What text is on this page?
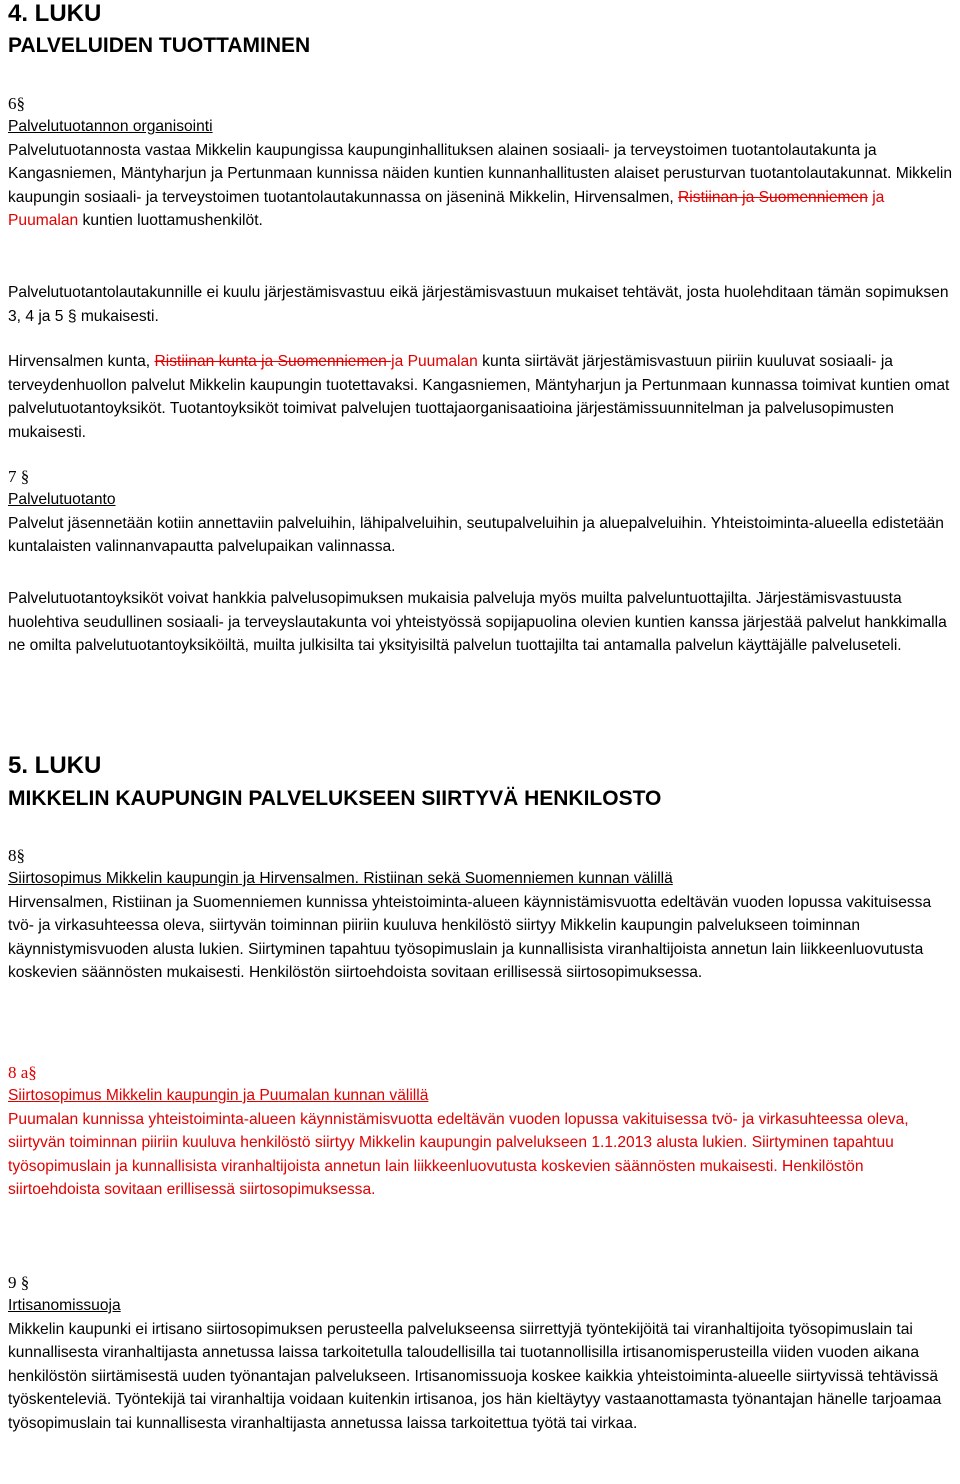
4. LUKU
PALVELUIDEN TUOTTAMINEN
6§
Palvelutuotannon organisointi

Palvelutuotannosta vastaa Mikkelin kaupungissa kaupunginhallituksen alainen sosiaali- ja terveystoimen tuotantolautakunta ja Kangasniemen, Mäntyharjun ja Pertunmaan kunnissa näiden kuntien kunnanhallitusten alaiset perusturvan tuotantolautakunnat. Mikkelin kaupungin sosiaali- ja terveystoimen tuotantolautakunnassa on jäseninä Mikkelin, Hirvensalmen, Ristiinan ja Suomenniemen ja Puumalan kuntien luottamushenkilöt.

Palvelutuotantolautakunnille ei kuulu järjestämisvastuu eikä järjestämisvastuun mukaiset tehtävät, josta huolehditaan tämän sopimuksen 3, 4 ja 5 § mukaisesti.

Hirvensalmen kunta, Ristiinan kunta ja Suomenniemen ja Puumalan kunta siirtävät järjestämisvastuun piiriin kuuluvat sosiaali- ja terveydenhuollon palvelut Mikkelin kaupungin tuotettavaksi. Kangasniemen, Mäntyharjun ja Pertunmaan kunnassa toimivat kuntien omat palvelutuotantoyksiköt. Tuotantoyksiköt toimivat palvelujen tuottajaorganisaatioina järjestämissuunnitelman ja palvelusopimusten mukaisesti.

7 §
Palvelutuotanto

Palvelut jäsennetään kotiin annettaviin palveluihin, lähipalveluihin, seutupalveluihin ja aluepalveluihin. Yhteistoiminta-alueella edistetään kuntalaisten valinnanvapautta palvelupaikan valinnassa.

Palvelutuotantoyksiköt voivat hankkia palvelusopimuksen mukaisia palveluja myös muilta palveluntuottajilta. Järjestämisvastuusta huolehtiva seudullinen sosiaali- ja terveyslautakunta voi yhteistyössä sopijapuolina olevien kuntien kanssa järjestää palvelut hankkimalla ne omilta palvelutuotantoyksiköiltä, muilta julkisilta tai yksityisiltä palvelun tuottajilta tai antamalla palvelun käyttäjälle palveluseteli.

5. LUKU
MIKKELIN KAUPUNGIN PALVELUKSEEN SIIRTYVÄ HENKILOSTO
8§
Siirtosopimus Mikkelin kaupungin ja Hirvensalmen. Ristiinan sekä Suomenniemen kunnan välillä

Hirvensalmen, Ristiinan ja Suomenniemen kunnissa yhteistoiminta-alueen käynnistämisvuotta edeltävän vuoden lopussa vakituisessa tvö- ja virkasuhteessa oleva, siirtyvän toiminnan piiriin kuuluva henkilöstö siirtyy Mikkelin kaupungin palvelukseen toiminnan käynnistymisvuoden alusta lukien. Siirtyminen tapahtuu työsopimuslain ja kunnallisista viranhaltijoista annetun lain liikkeenluovutusta koskevien säännösten mukaisesti. Henkilöstön siirtoehdoista sovitaan erillisessä siirtosopimuksessa.

8 a§
Siirtosopimus Mikkelin kaupungin ja Puumalan kunnan välillä

Puumalan kunnissa yhteistoiminta-alueen käynnistämisvuotta edeltävän vuoden lopussa vakituisessa tvö- ja virkasuhteessa oleva, siirtyvän toiminnan piiriin kuuluva henkilöstö siirtyy Mikkelin kaupungin palvelukseen 1.1.2013 alusta lukien. Siirtyminen tapahtuu työsopimuslain ja kunnallisista viranhaltijoista annetun lain liikkeenluovutusta koskevien säännösten mukaisesti. Henkilöstön siirtoehdoista sovitaan erillisessä siirtosopimuksessa.

9 §
Irtisanomissuoja

Mikkelin kaupunki ei irtisano siirtosopimuksen perusteella palvelukseensa siirrettyjä työntekijöitä tai viranhaltijoita työsopimuslain tai kunnallisesta viranhaltijasta annetussa laissa tarkoitetulla taloudellisilla tai tuotannollisilla irtisanomisperusteilla viiden vuoden aikana henkilöstön siirtämisestä uuden työnantajan palvelukseen. Irtisanomissuoja koskee kaikkia yhteistoiminta-alueelle siirtyvissä tehtävissä työskenteleviä. Työntekijä tai viranhaltija voidaan kuitenkin irtisanoa, jos hän kieltäytyy vastaanottamasta työnantajan hänelle tarjoamaa työsopimuslain tai kunnallisesta viranhaltijasta annetussa laissa tarkoitettua työtä tai virkaa.
